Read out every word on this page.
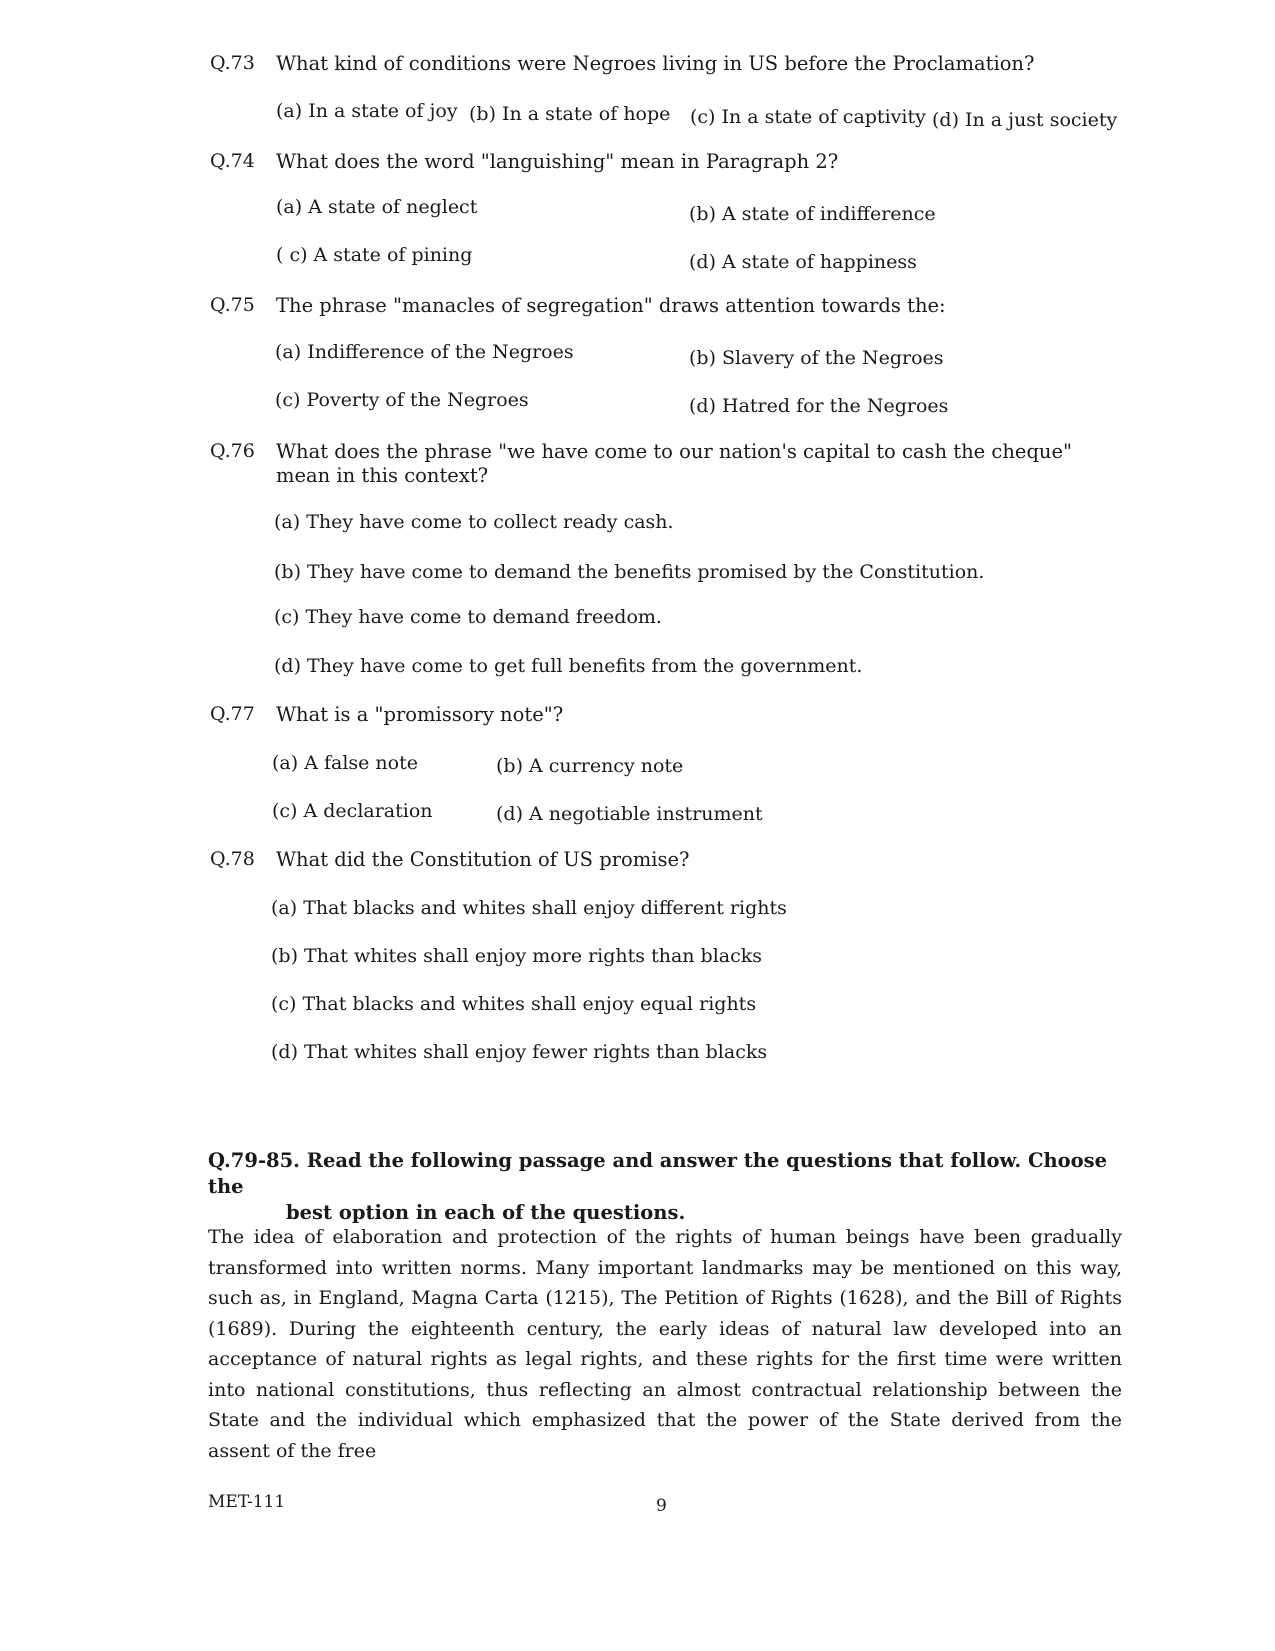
Q.73 What kind of conditions were Negroes living in US before the Proclamation?
(a) In a state of joy (b) In a state of hope (c) In a state of captivity (d) In a just society
Q.74 What does the word "languishing" mean in Paragraph 2?
(a) A state of neglect	(b) A state of indifference
( c) A state of pining	(d) A state of happiness
Q.75 The phrase "manacles of segregation" draws attention towards the:
(a) Indifference of the Negroes	(b) Slavery of the Negroes
(c) Poverty of the Negroes	(d) Hatred for the Negroes
Q.76 What does the phrase "we have come to our nation's capital to cash the cheque" mean in this context?
(a) They have come to collect ready cash.
(b) They have come to demand the benefits promised by the Constitution.
(c) They have come to demand freedom.
(d) They have come to get full benefits from the government.
Q.77 What is a "promissory note"?
(a) A false note	(b) A currency note
(c) A declaration	(d) A negotiable instrument
Q.78 What did the Constitution of US promise?
(a) That blacks and whites shall enjoy different rights
(b) That whites shall enjoy more rights than blacks
(c) That blacks and whites shall enjoy equal rights
(d) That whites shall enjoy fewer rights than blacks
Q.79-85. Read the following passage and answer the questions that follow. Choose the
best option in each of the questions.
The idea of elaboration and protection of the rights of human beings have been gradually transformed into written norms. Many important landmarks may be mentioned on this way, such as, in England, Magna Carta (1215), The Petition of Rights (1628), and the Bill of Rights (1689). During the eighteenth century, the early ideas of natural law developed into an acceptance of natural rights as legal rights, and these rights for the first time were written into national constitutions, thus reflecting an almost contractual relationship between the State and the individual which emphasized that the power of the State derived from the assent of the free
MET-111	9
